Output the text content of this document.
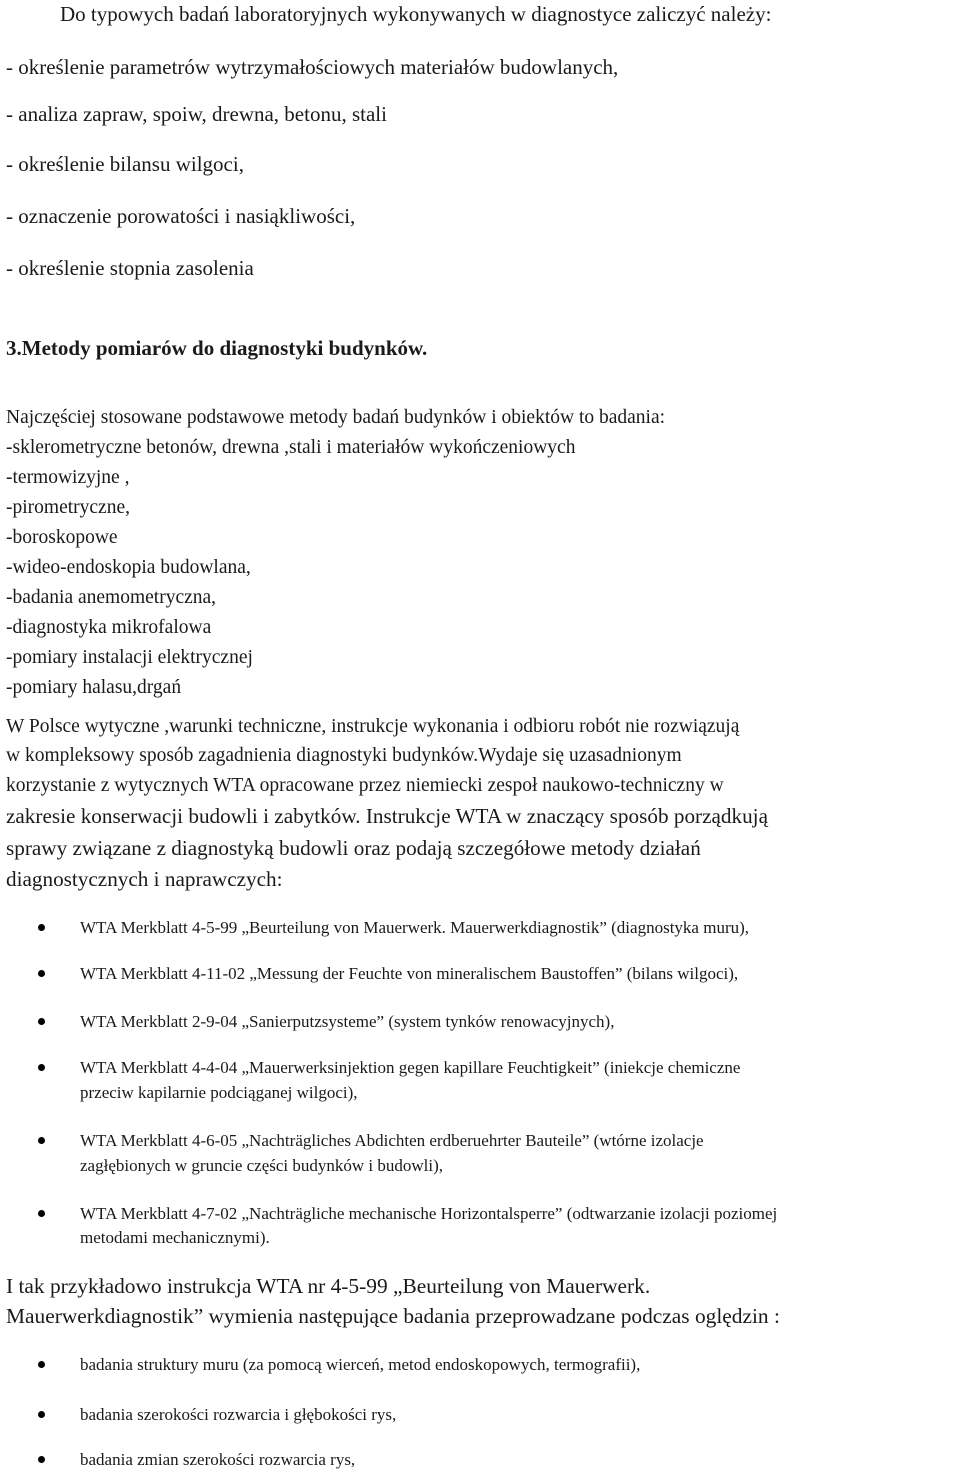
Do typowych badań laboratoryjnych wykonywanych w diagnostyce zaliczyć należy:
- określenie parametrów wytrzymałościowych materiałów budowlanych,
- analiza zapraw, spoiw, drewna, betonu, stali
- określenie bilansu wilgoci,
- oznaczenie porowatości i nasiąkliwości,
- określenie stopnia zasolenia
3.Metody pomiarów do diagnostyki budynków.
Najczęściej stosowane podstawowe metody badań budynków i obiektów to badania:
-sklerometryczne betonów, drewna ,stali i materiałów wykończeniowych
-termowizyjne ,
-pirometryczne,
-boroskopowe
-wideo-endoskopia budowlana,
-badania anemometryczna,
-diagnostyka mikrofalowa
-pomiary instalacji elektrycznej
-pomiary halasu,drgań
W Polsce wytyczne ,warunki techniczne, instrukcje wykonania i odbioru robót nie rozwiązują
w kompleksowy sposób zagadnienia diagnostyki budynków.Wydaje się uzasadnionym
korzystanie z wytycznych WTA opracowane przez niemiecki zespoł naukowo-techniczny w
zakresie konserwacji budowli i zabytków. Instrukcje WTA w znaczący sposób porządkują
sprawy związane z diagnostyką budowli oraz podają szczegółowe metody działań
diagnostycznych i naprawczych:
WTA Merkblatt 4-5-99 „Beurteilung von Mauerwerk. Mauerwerkdiagnostik” (diagnostyka muru),
WTA Merkblatt 4-11-02 „Messung der Feuchte von mineralischem Baustoffen” (bilans wilgoci),
WTA Merkblatt 2-9-04 „Sanierputzsysteme” (system tynków renowacyjnych),
WTA Merkblatt 4-4-04 „Mauerwerksinjektion gegen kapillare Feuchtigkeit” (iniekcje chemiczne
przeciw kapilarnie podciąganej wilgoci),
WTA Merkblatt 4-6-05 „Nachträgliches Abdichten erdberuehrter Bauteile” (wtórne izolacje
zagłębionych w gruncie części budynków i budowli),
WTA Merkblatt 4-7-02 „Nachträgliche mechanische Horizontalsperre” (odtwarzanie izolacji poziomej
metodami mechanicznymi).
I tak przykładowo instrukcja WTA nr 4-5-99 „Beurteilung von Mauerwerk.
Mauerwerkdiagnostik” wymienia następujące badania przeprowadzane podczas oględzin :
badania struktury muru (za pomocą wierceń, metod endoskopowych, termografii),
badania szerokości rozwarcia i głębokości rys,
badania zmian szerokości rozwarcia rys,
